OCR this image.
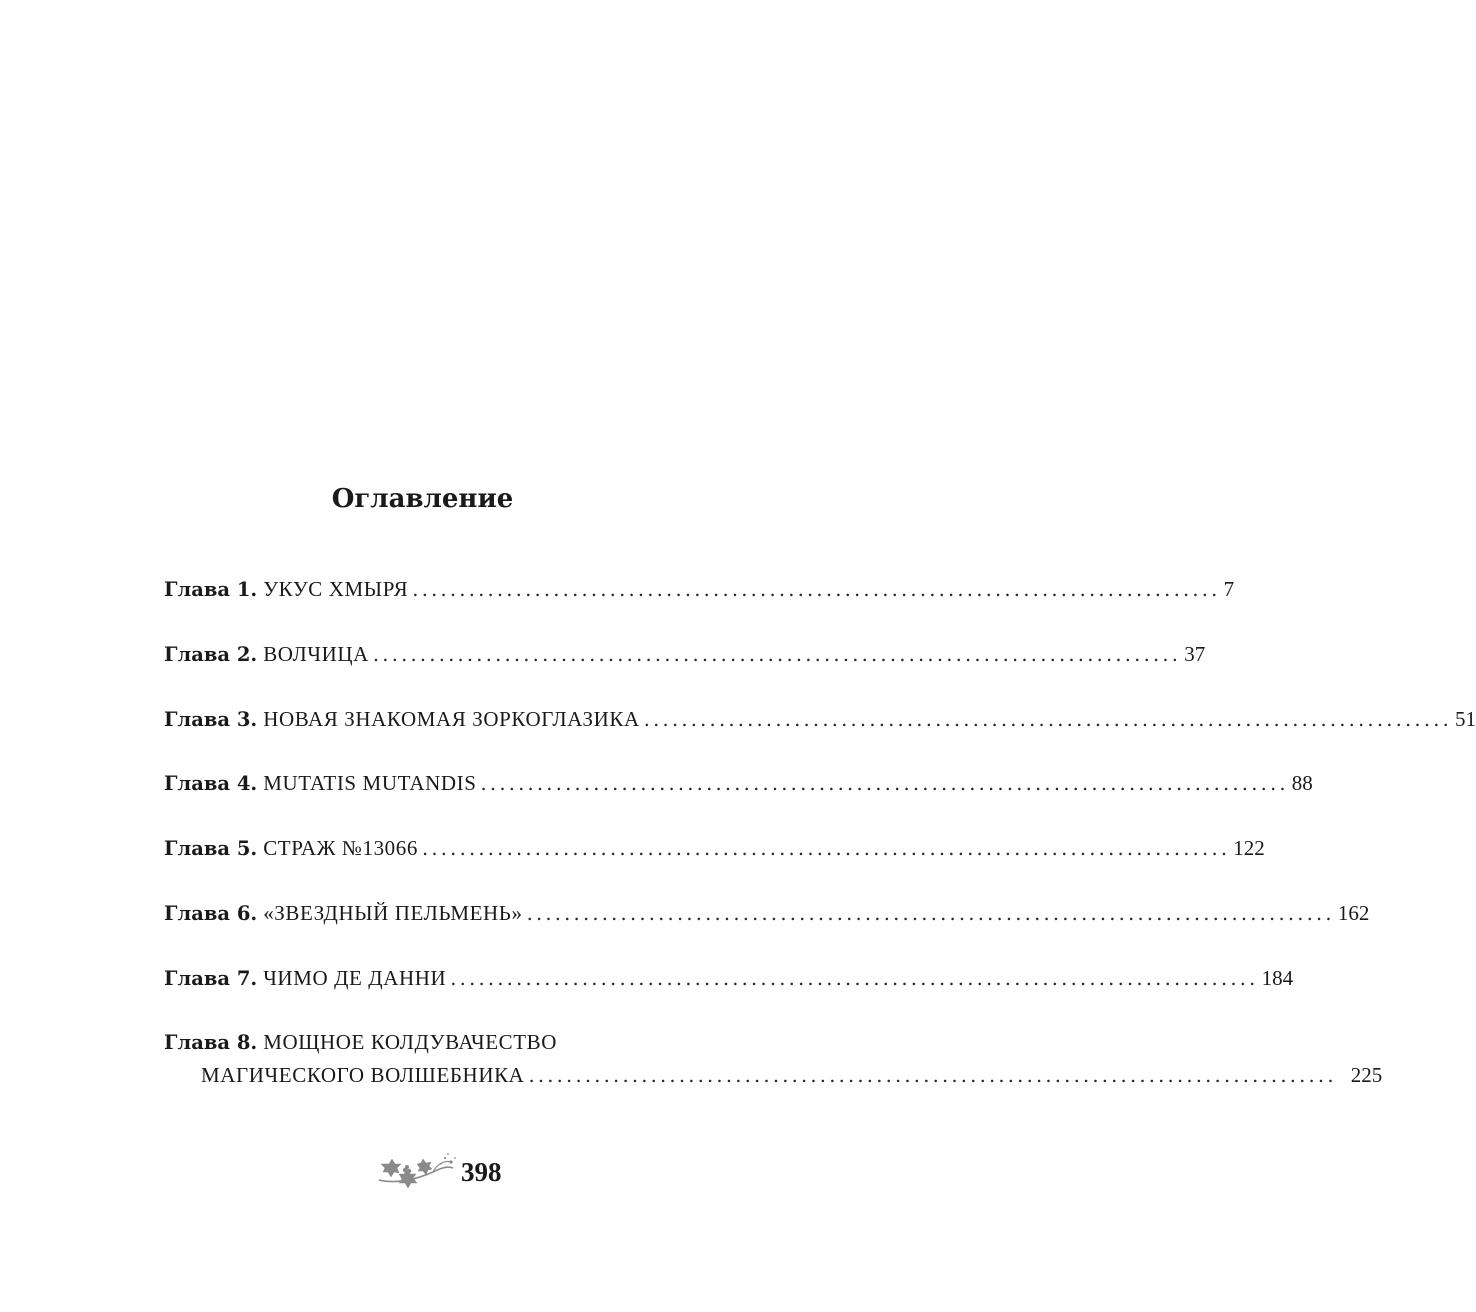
Оглавление
Глава 1. УКУС ХМЫРЯ ...................................................................................... 7
Глава 2. ВОЛЧИЦА ...................................................................................... 37
Глава 3. НОВАЯ ЗНАКОМАЯ ЗОРКОГЛАЗИКА ...................................................................................... 51
Глава 4. MUTATIS MUTANDIS ...................................................................................... 88
Глава 5. СТРАЖ №13066 ...................................................................................... 122
Глава 6. «ЗВЕЗДНЫЙ ПЕЛЬМЕНЬ» ...................................................................................... 162
Глава 7. ЧИМО ДЕ ДАННИ ...................................................................................... 184
Глава 8. МОЩНОЕ КОЛДУВАЧЕСТВО
МАГИЧЕСКОГО ВОЛШЕБНИКА ...................................................................................... 225
398
